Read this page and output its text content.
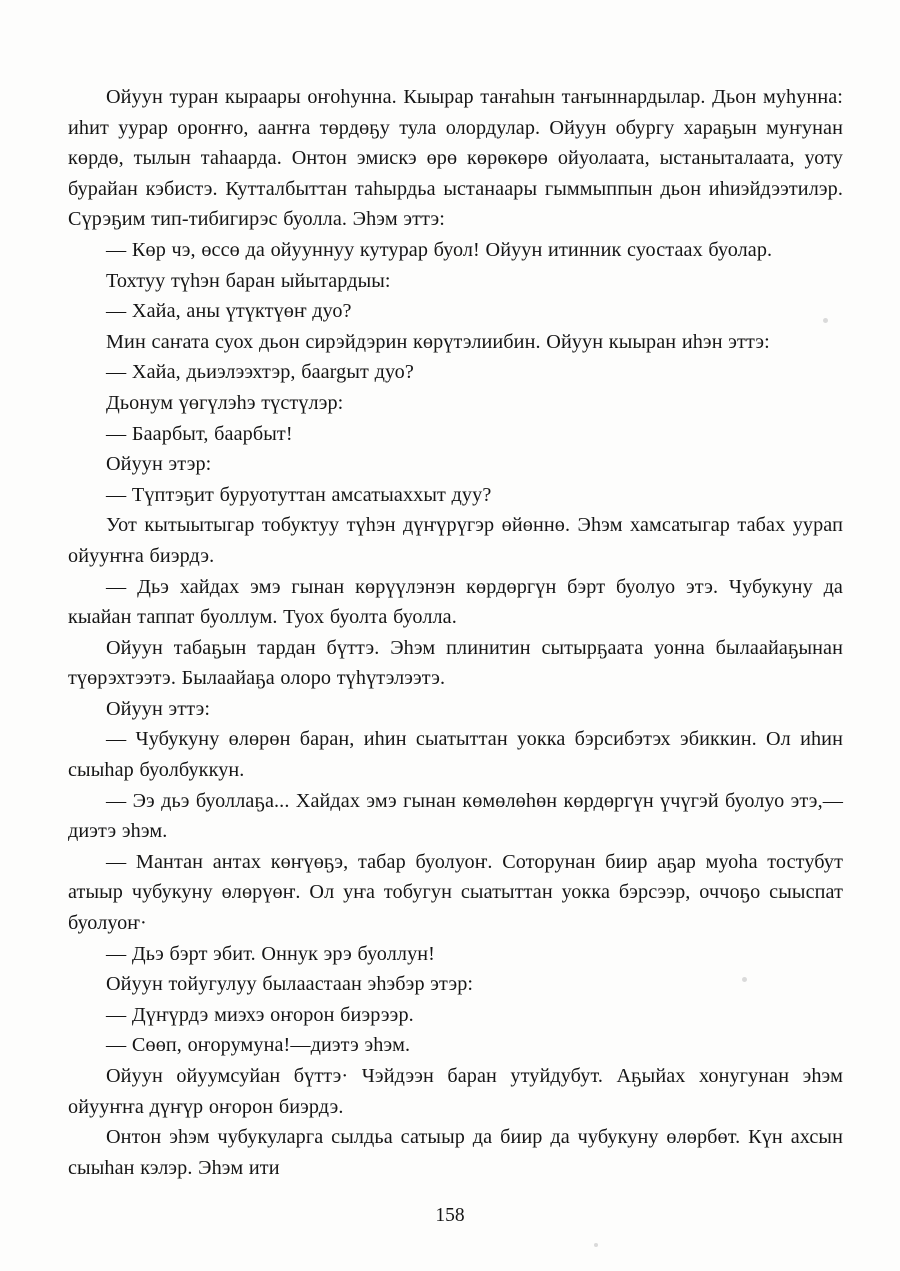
Ойуун туран кыраары оҥоһунна. Кыырар таҥаһын таҥыннардылар. Дьон муһунна: иһит уурар ороҥҥо, ааҥҥа төрдөҕу тула олордулар. Ойуун обургу хараҕын муҥунан көрдө, тылын таһаарда. Онтон эмискэ өрө көрөкөрө ойуолаата, ыстаныталаата, уоту бурайан кэбистэ. Кутталбыттан таһырдьа ыстанаары гыммыппын дьон иһиэйдээтилэр. Сүрэҕим тип-тибигирэс буолла. Эһэм эттэ:

— Көр чэ, өссө да ойууннуу кутурар буол! Ойуун итинник суостаах буолар.

Тохтуу түһэн баран ыйытардыы:

— Хайа, аны үтүктүөҥ дуо?

Мин саҥата суох дьон сирэйдэрин көрүтэлиибин. Ойуун кыыран иһэн эттэ:

— Хайа, дьиэлээхтэр, баargыт дуо?

Дьонум үөгүлэһэ түстүлэр:

— Баарбыт, баарбыт!

Ойуун этэр:

— Түптэҕит буруотуттан амсатыаххыт дуу?

Уот кытыытыгар тобуктуу түһэн дүҥүрүгэр өйөннө. Эһэм хамсатыгар табах уурап ойууҥҥа биэрдэ.

— Дьэ хайдах эмэ гынан көрүүлэнэн көрдөргүн бэрт буолуо этэ. Чубукуну да кыайан таппат буоллум. Туох буолта буолла.

Ойуун табаҕын тардан бүттэ. Эһэм плинитин сытырҕаата уонна былаайаҕынан түөрэхтээтэ. Былаайаҕа олоро түһүтэлээтэ.

Ойуун эттэ:

— Чубукуну өлөрөн баран, иһин сыатыттан уокка бэрсибэтэх эбиккин. Ол иһин сыыһар буолбуккун.

— Ээ дьэ буоллаҕа... Хайдах эмэ гынан көмөлөһөн көрдөргүн үчүгэй буолуо этэ,—диэтэ эһэм.

— Мантан антах көҥүөҕэ, табар буолуоҥ. Соторунан биир аҕар муоһа тостубут атыыр чубукуну өлөрүөҥ. Ол уҥа тобугун сыатыттан уокка бэрсээр, оччоҕо сыыспат буолуоҥ·

— Дьэ бэрт эбит. Оннук эрэ буоллун!

Ойуун тойугулуу былаастаан эһэбэр этэр:

— Дүҥүрдэ миэхэ оҥорон биэрээр.

— Сөөп, оҥорумуна!—диэтэ эһэм.

Ойуун ойуумсуйан бүттэ· Чэйдээн баран утуйдубут. Аҕыйах хонугунан эһэм ойууҥҥа дүҥүр оҥорон биэрдэ.

Онтон эһэм чубукуларга сылдьа сатыыр да биир да чубукуну өлөрбөт. Күн ахсын сыыһан кэлэр. Эһэм ити

158
